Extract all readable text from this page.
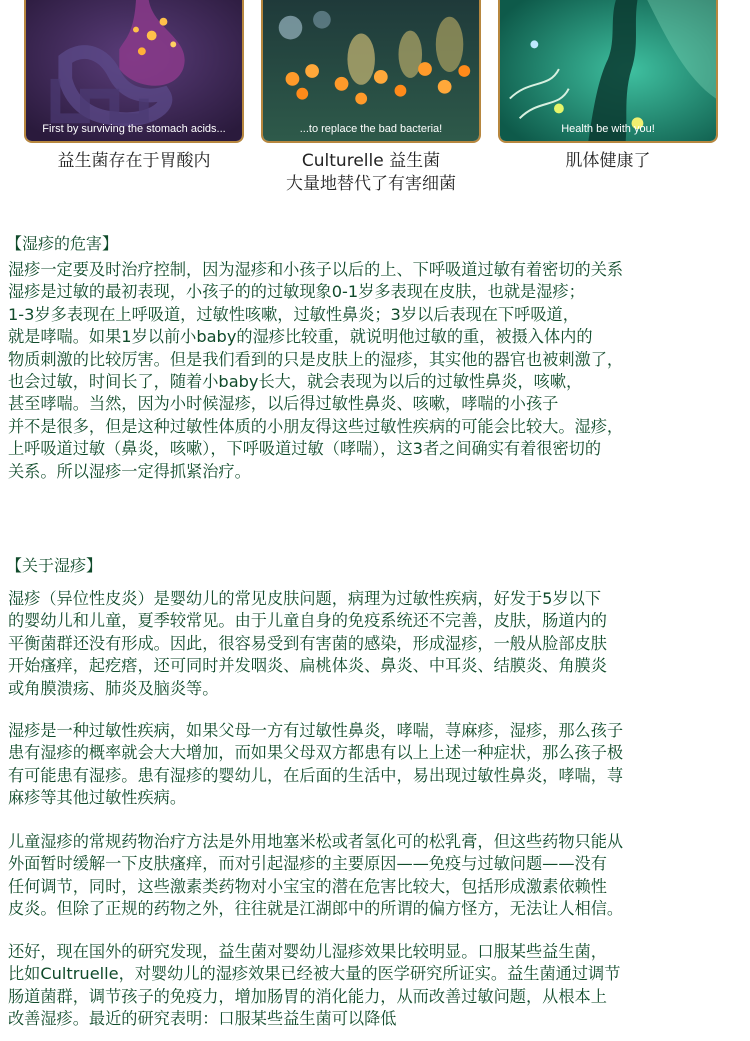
First by surviving the stomach acids...	...to replace the bad bacteria!	Health be with you!
益生菌存在于胃酸内	Culturelle 益生菌
大量地替代了有害细菌
肌体健康了
【湿疹的危害】
湿疹一定要及时治疗控制，因为湿疹和小孩子以后的上、下呼吸道过敏有着密切的关系
湿疹是过敏的最初表现，小孩子的的过敏现象0-1岁多表现在皮肤，也就是湿疹；
1-3岁多表现在上呼吸道，过敏性咳嗽，过敏性鼻炎；3岁以后表现在下呼吸道，
就是哮喘。如果1岁以前小baby的湿疹比较重，就说明他过敏的重，被摄入体内的
物质刺激的比较厉害。但是我们看到的只是皮肤上的湿疹，其实他的器官也被刺激了，
也会过敏，时间长了，随着小baby长大，就会表现为以后的过敏性鼻炎，咳嗽，
甚至哮喘。当然，因为小时候湿疹，以后得过敏性鼻炎、咳嗽，哮喘的小孩子
并不是很多，但是这种过敏性体质的小朋友得这些过敏性疾病的可能会比较大。湿疹，
上呼吸道过敏（鼻炎，咳嗽），下呼吸道过敏（哮喘），这3者之间确实有着很密切的
关系。所以湿疹一定得抓紧治疗。
【关于湿疹】
湿疹（异位性皮炎）是婴幼儿的常见皮肤问题，病理为过敏性疾病，好发于5岁以下
的婴幼儿和儿童，夏季较常见。由于儿童自身的免疫系统还不完善，皮肤，肠道内的
平衡菌群还没有形成。因此，很容易受到有害菌的感染，形成湿疹，一般从脸部皮肤
开始瘙痒，起疙瘩，还可同时并发咽炎、扁桃体炎、鼻炎、中耳炎、结膜炎、角膜炎
或角膜溃疡、肺炎及脑炎等。
湿疹是一种过敏性疾病，如果父母一方有过敏性鼻炎，哮喘，荨麻疹，湿疹，那么孩子
患有湿疹的概率就会大大增加，而如果父母双方都患有以上上述一种症状，那么孩子极
有可能患有湿疹。患有湿疹的婴幼儿，在后面的生活中，易出现过敏性鼻炎，哮喘，荨
麻疹等其他过敏性疾病。
儿童湿疹的常规药物治疗方法是外用地塞米松或者氢化可的松乳膏，但这些药物只能从
外面暂时缓解一下皮肤瘙痒，而对引起湿疹的主要原因——免疫与过敏问题——没有
任何调节，同时，这些激素类药物对小宝宝的潜在危害比较大，包括形成激素依赖性
皮炎。但除了正规的药物之外，往往就是江湖郎中的所谓的偏方怪方，无法让人相信。
还好，现在国外的研究发现，益生菌对婴幼儿湿疹效果比较明显。口服某些益生菌，
比如Cultruelle，对婴幼儿的湿疹效果已经被大量的医学研究所证实。益生菌通过调节
肠道菌群，调节孩子的免疫力，增加肠胃的消化能力，从而改善过敏问题，从根本上
改善湿疹。最近的研究表明：口服某些益生菌可以降低
